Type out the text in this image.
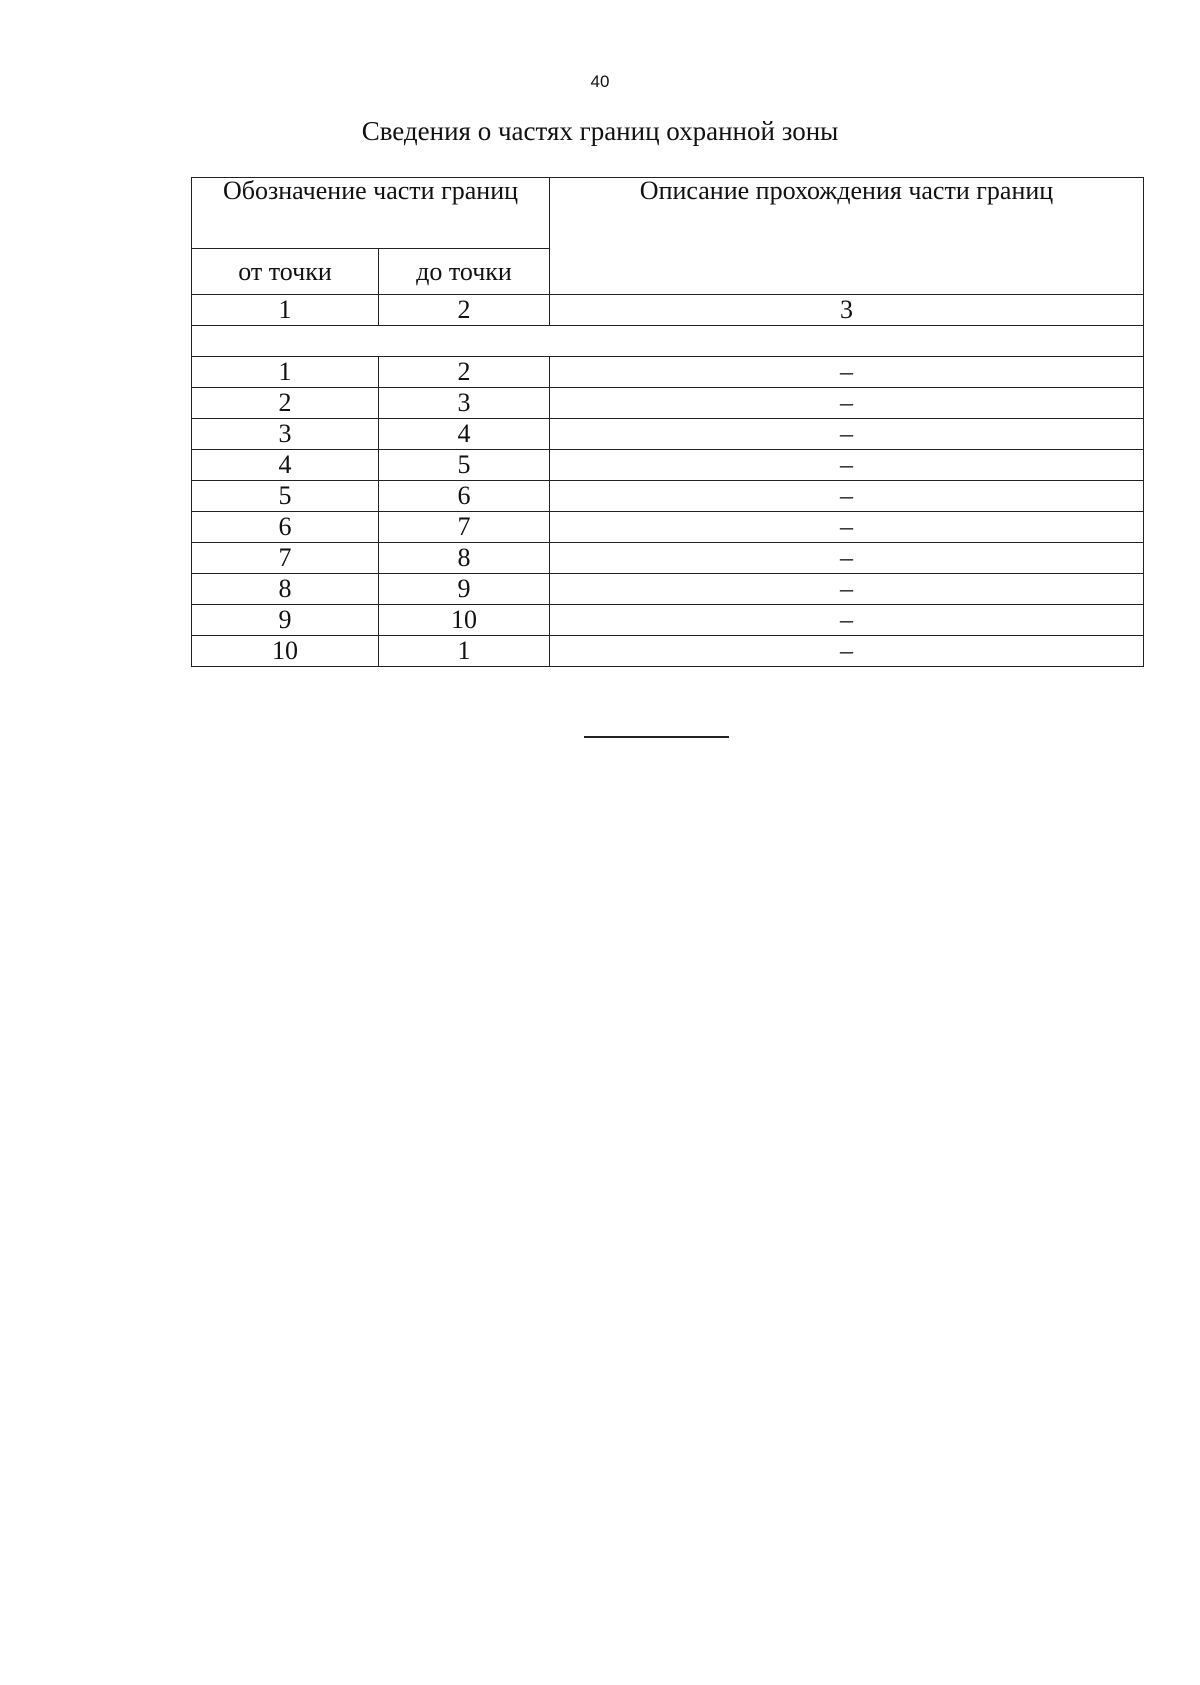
40
Сведения о частях границ охранной зоны
Обозначение части границ		Описание прохождения части границ
от точки	до точки	
1	2	3

1	2	–
2	3	–
3	4	–
4	5	–
5	6	–
6	7	–
7	8	–
8	9	–
9	10	–
10	1	–
